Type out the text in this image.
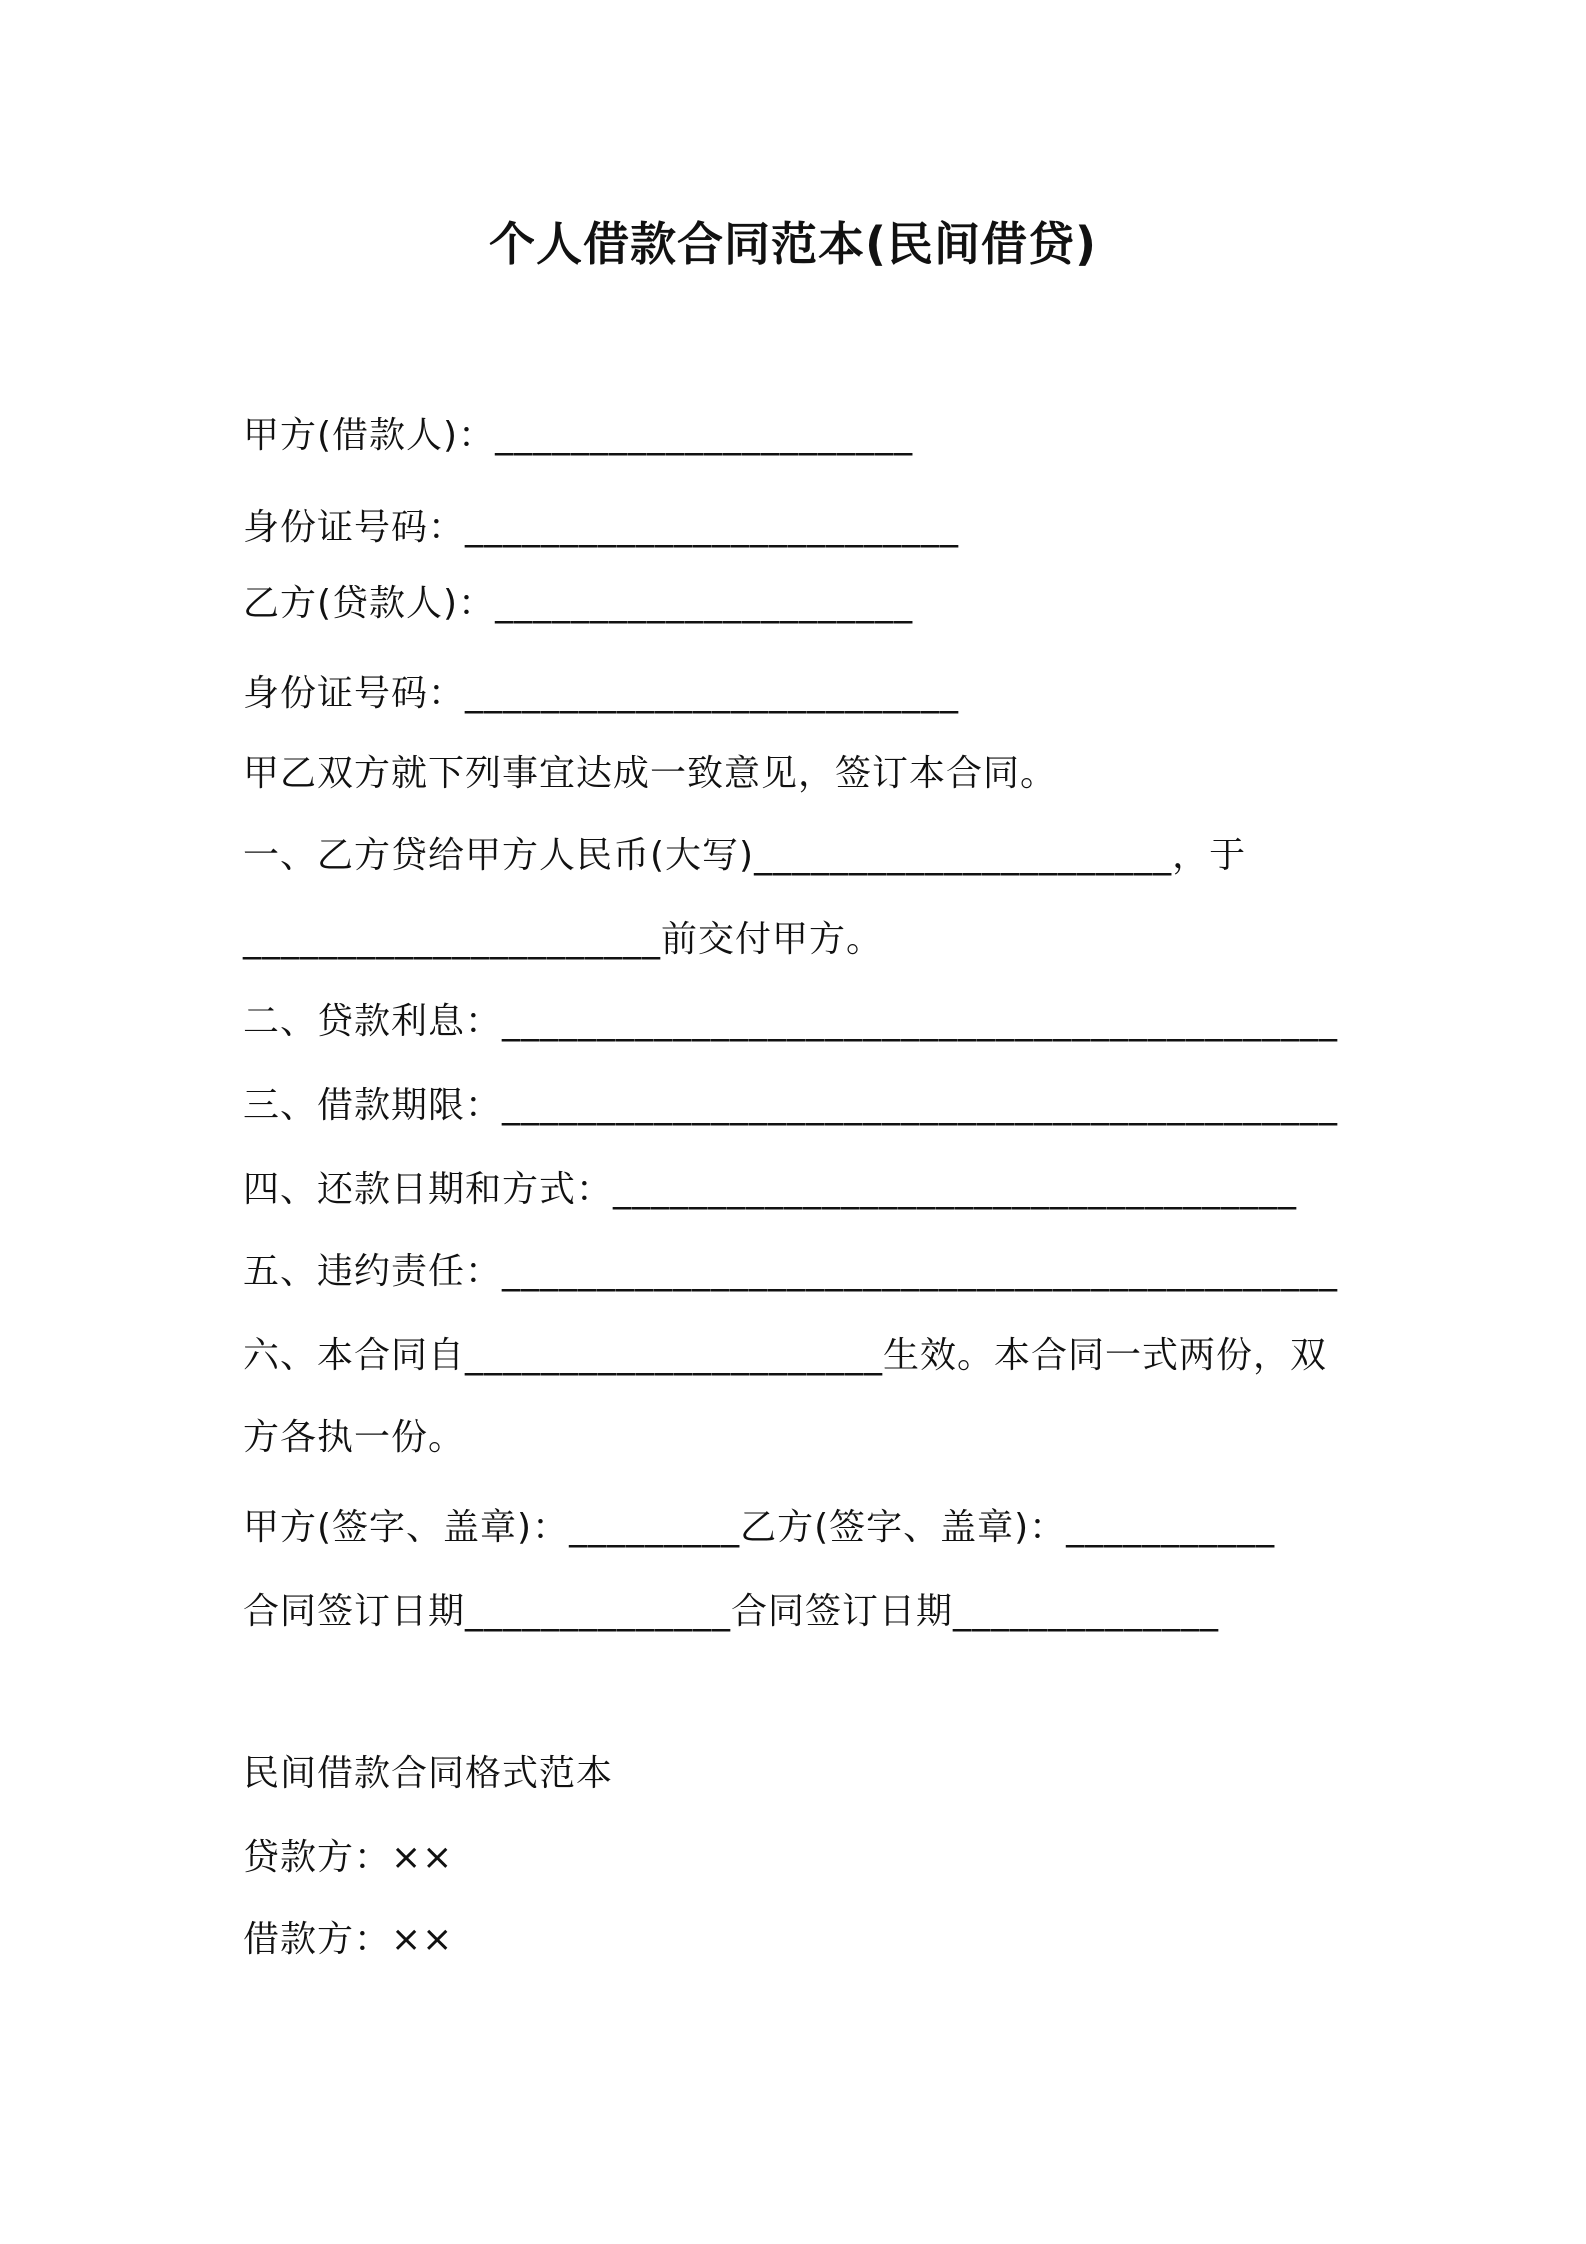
个人借款合同范本(民间借贷)
甲方(借款人)：______________________
身份证号码：__________________________
乙方(贷款人)：______________________
身份证号码：__________________________
甲乙双方就下列事宜达成一致意见，签订本合同。
一、乙方贷给甲方人民币(大写)______________________，于
______________________前交付甲方。
二、贷款利息：____________________________________________
三、借款期限：____________________________________________
四、还款日期和方式：____________________________________
五、违约责任：____________________________________________
六、本合同自______________________生效。本合同一式两份，双
方各执一份。
甲方(签字、盖章)：_________乙方(签字、盖章)：___________
合同签订日期______________合同签订日期______________
民间借款合同格式范本
贷款方：××
借款方：××
